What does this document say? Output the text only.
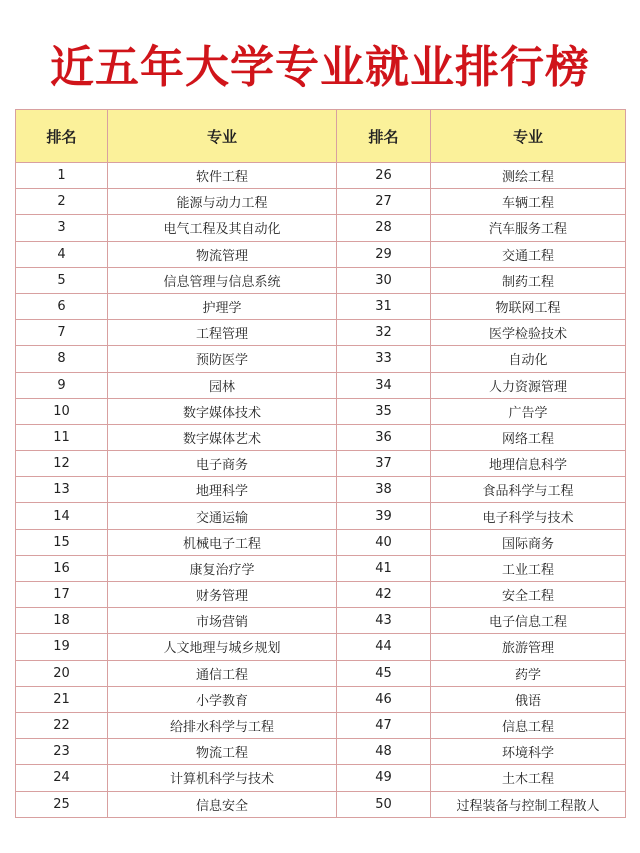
近五年大学专业就业排行榜
排名	专业	排名	专业
1	软件工程	26	测绘工程
2	能源与动力工程	27	车辆工程
3	电气工程及其自动化	28	汽车服务工程
4	物流管理	29	交通工程
5	信息管理与信息系统	30	制药工程
6	护理学	31	物联网工程
7	工程管理	32	医学检验技术
8	预防医学	33	自动化
9	园林	34	人力资源管理
10	数字媒体技术	35	广告学
11	数字媒体艺术	36	网络工程
12	电子商务	37	地理信息科学
13	地理科学	38	食品科学与工程
14	交通运输	39	电子科学与技术
15	机械电子工程	40	国际商务
16	康复治疗学	41	工业工程
17	财务管理	42	安全工程
18	市场营销	43	电子信息工程
19	人文地理与城乡规划	44	旅游管理
20	通信工程	45	药学
21	小学教育	46	俄语
22	给排水科学与工程	47	信息工程
23	物流工程	48	环境科学
24	计算机科学与技术	49	土木工程
25	信息安全	50	过程装备与控制工程散人
